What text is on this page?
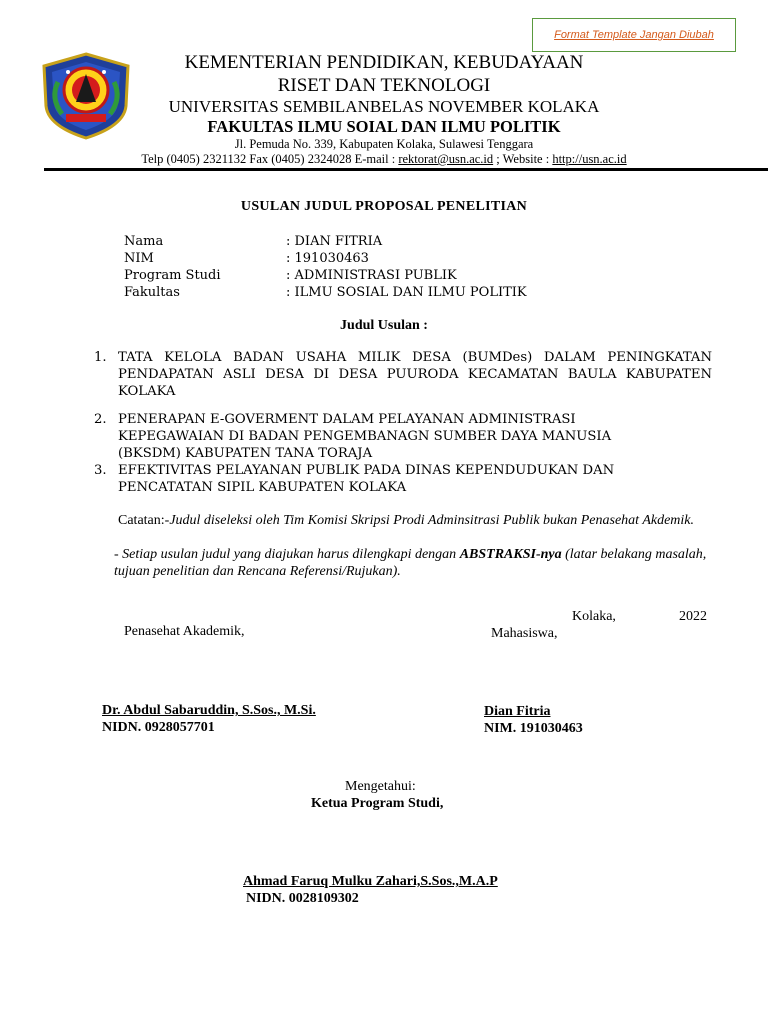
Format Template Jangan Diubah
KEMENTERIAN PENDIDIKAN, KEBUDAYAAN
RISET DAN TEKNOLOGI
UNIVERSITAS SEMBILANBELAS NOVEMBER KOLAKA
FAKULTAS ILMU SOIAL DAN ILMU POLITIK
Jl. Pemuda No. 339, Kabupaten Kolaka, Sulawesi Tenggara
Telp (0405) 2321132 Fax (0405) 2324028 E-mail : rektorat@usn.ac.id ; Website : http://usn.ac.id
USULAN JUDUL PROPOSAL PENELITIAN
Nama	: DIAN FITRIA
NIM	: 191030463
Program Studi	: ADMINISTRASI PUBLIK
Fakultas	: ILMU SOSIAL DAN ILMU POLITIK
Judul Usulan :
1. TATA KELOLA BADAN USAHA MILIK DESA (BUMDes) DALAM PENINGKATAN PENDAPATAN ASLI DESA DI DESA PUURODA KECAMATAN BAULA KABUPATEN KOLAKA
2. PENERAPAN E-GOVERMENT DALAM PELAYANAN ADMINISTRASI KEPEGAWAIAN DI BADAN PENGEMBANAGN SUMBER DAYA MANUSIA (BKSDM) KABUPATEN TANA TORAJA
3. EFEKTIVITAS PELAYANAN PUBLIK PADA DINAS KEPENDUDUKAN DAN PENCATATAN SIPIL KABUPATEN KOLAKA
Catatan:-Judul diseleksi oleh Tim Komisi Skripsi Prodi Adminsitrasi Publik bukan Penasehat Akdemik.
- Setiap usulan judul yang diajukan harus dilengkapi dengan ABSTRAKSI-nya (latar belakang masalah, tujuan penelitian dan Rencana Referensi/Rujukan).
Kolaka,	2022
Penasehat Akademik,	Mahasiswa,
Dr. Abdul Sabaruddin, S.Sos., M.Si.
NIDN. 0928057701
Dian Fitria
NIM. 191030463
Mengetahui:
Ketua Program Studi,
Ahmad Faruq Mulku Zahari,S.Sos.,M.A.P
NIDN. 0028109302
